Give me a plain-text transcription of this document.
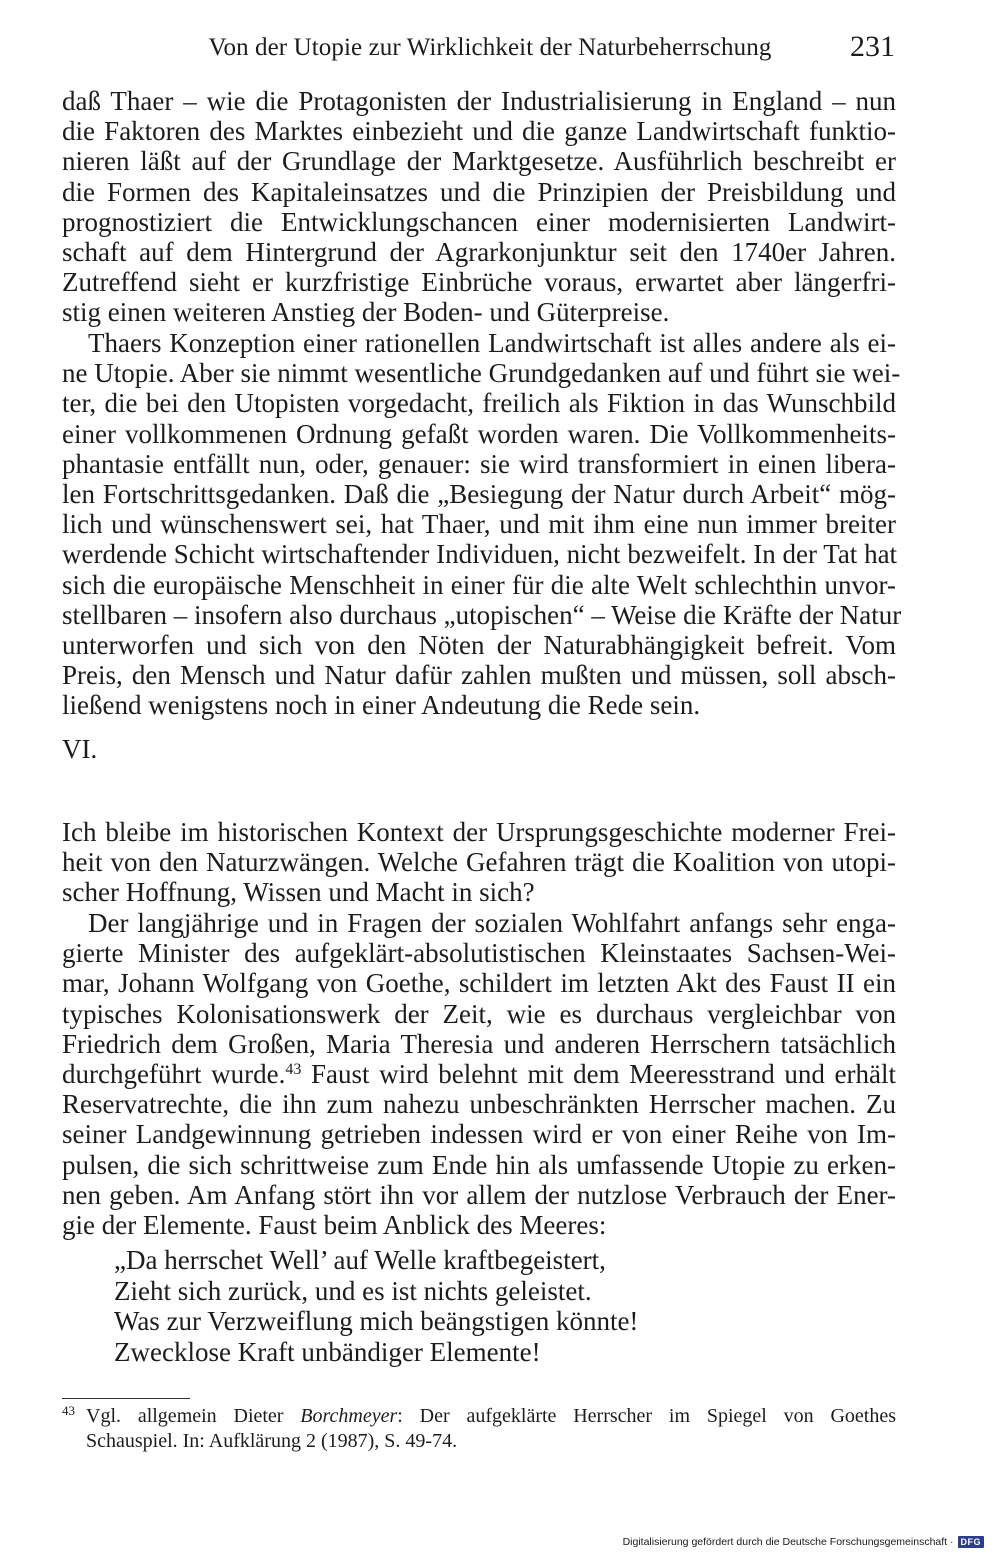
Von der Utopie zur Wirklichkeit der Naturbeherrschung	231
daß Thaer – wie die Protagonisten der Industrialisierung in England – nun
die Faktoren des Marktes einbezieht und die ganze Landwirtschaft funktio-
nieren läßt auf der Grundlage der Marktgesetze. Ausführlich beschreibt er
die Formen des Kapitaleinsatzes und die Prinzipien der Preisbildung und
prognostiziert die Entwicklungschancen einer modernisierten Landwirt-
schaft auf dem Hintergrund der Agrarkonjunktur seit den 1740er Jahren.
Zutreffend sieht er kurzfristige Einbrüche voraus, erwartet aber längerfri-
stig einen weiteren Anstieg der Boden- und Güterpreise.
Thaers Konzeption einer rationellen Landwirtschaft ist alles andere als ei-
ne Utopie. Aber sie nimmt wesentliche Grundgedanken auf und führt sie wei-
ter, die bei den Utopisten vorgedacht, freilich als Fiktion in das Wunschbild
einer vollkommenen Ordnung gefaßt worden waren. Die Vollkommenheits-
phantasie entfällt nun, oder, genauer: sie wird transformiert in einen libera-
len Fortschrittsgedanken. Daß die „Besiegung der Natur durch Arbeit“ mög-
lich und wünschenswert sei, hat Thaer, und mit ihm eine nun immer breiter
werdende Schicht wirtschaftender Individuen, nicht bezweifelt. In der Tat hat
sich die europäische Menschheit in einer für die alte Welt schlechthin unvor-
stellbaren – insofern also durchaus „utopischen“ – Weise die Kräfte der Natur
unterworfen und sich von den Nöten der Naturabhängigkeit befreit. Vom
Preis, den Mensch und Natur dafür zahlen mußten und müssen, soll absch-
ließend wenigstens noch in einer Andeutung die Rede sein.
VI.
Ich bleibe im historischen Kontext der Ursprungsgeschichte moderner Frei-
heit von den Naturzwängen. Welche Gefahren trägt die Koalition von utopi-
scher Hoffnung, Wissen und Macht in sich?
Der langjährige und in Fragen der sozialen Wohlfahrt anfangs sehr enga-
gierte Minister des aufgeklärt-absolutistischen Kleinstaates Sachsen-Wei-
mar, Johann Wolfgang von Goethe, schildert im letzten Akt des Faust II ein
typisches Kolonisationswerk der Zeit, wie es durchaus vergleichbar von
Friedrich dem Großen, Maria Theresia und anderen Herrschern tatsächlich
durchgeführt wurde.$^{43}$ Faust wird belehnt mit dem Meeresstrand und erhält
Reservatrechte, die ihn zum nahezu unbeschränkten Herrscher machen. Zu
seiner Landgewinnung getrieben indessen wird er von einer Reihe von Im-
pulsen, die sich schrittweise zum Ende hin als umfassende Utopie zu erken-
nen geben. Am Anfang stört ihn vor allem der nutzlose Verbrauch der Ener-
gie der Elemente. Faust beim Anblick des Meeres:
„Da herrschet Well’ auf Welle kraftbegeistert,
Zieht sich zurück, und es ist nichts geleistet.
Was zur Verzweiflung mich beängstigen könnte!
Zwecklose Kraft unbändiger Elemente!
43 Vgl. allgemein Dieter Borchmeyer: Der aufgeklärte Herrscher im Spiegel von Goethes
Schauspiel. In: Aufklärung 2 (1987), S. 49-74.
Digitalisierung gefördert durch die Deutsche Forschungsgemeinschaft · DFG
